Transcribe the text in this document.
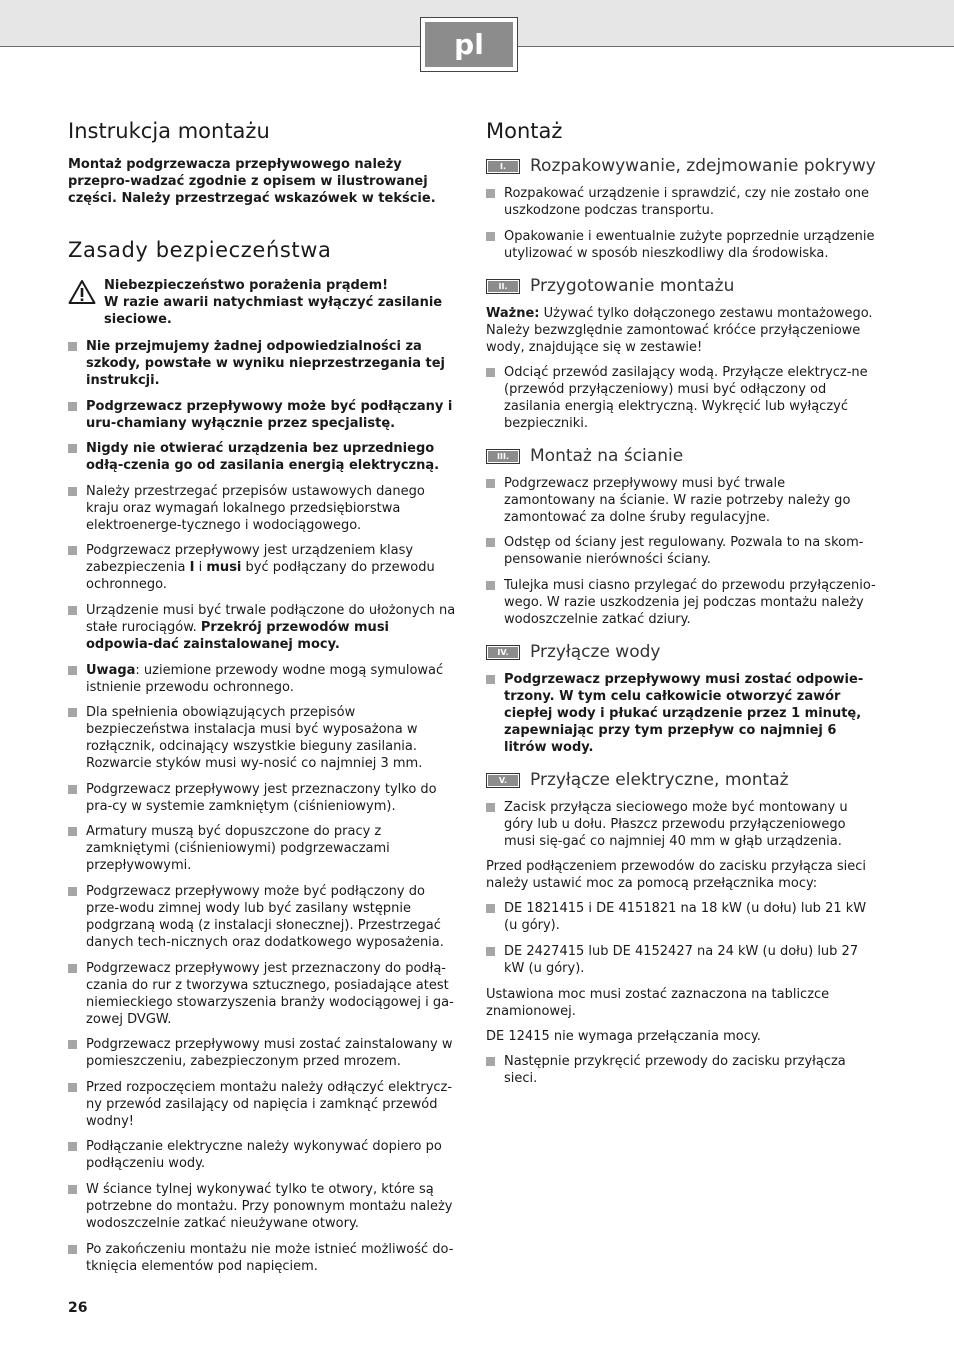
pl
Instrukcja montażu

Montaż podgrzewacza przepływowego należy przepro-wadzać zgodnie z opisem w ilustrowanej części. Należy przestrzegać wskazówek w tekście.

Zasady bezpieczeństwa
Niebezpieczeństwo porażenia prądem!
W razie awarii natychmiast wyłączyć zasilanie sieciowe.
Nie przejmujemy żadnej odpowiedzialności za szkody, powstałe w wyniku nieprzestrzegania tej instrukcji.
Podgrzewacz przepływowy może być podłączany i uru-chamiany wyłącznie przez specjalistę.
Nigdy nie otwierać urządzenia bez uprzedniego odłą-czenia go od zasilania energią elektryczną.
Należy przestrzegać przepisów ustawowych danego kraju oraz wymagań lokalnego przedsiębiorstwa elektroenerge-tycznego i wodociągowego.
Podgrzewacz przepływowy jest urządzeniem klasy zabezpieczenia I i musi być podłączany do przewodu ochronnego.
Urządzenie musi być trwale podłączone do ułożonych na stałe rurociągów. Przekrój przewodów musi odpowia-dać zainstalowanej mocy.
Uwaga: uziemione przewody wodne mogą symulować istnienie przewodu ochronnego.
Dla spełnienia obowiązujących przepisów bezpieczeństwa instalacja musi być wyposażona w rozłącznik, odcinający wszystkie bieguny zasilania. Rozwarcie styków musi wy-nosić co najmniej 3 mm.
Podgrzewacz przepływowy jest przeznaczony tylko do pra-cy w systemie zamkniętym (ciśnieniowym).
Armatury muszą być dopuszczone do pracy z zamkniętymi (ciśnieniowymi) podgrzewaczami przepływowymi.
Podgrzewacz przepływowy może być podłączony do prze-wodu zimnej wody lub być zasilany wstępnie podgrzaną wodą (z instalacji słonecznej). Przestrzegać danych tech-nicznych oraz dodatkowego wyposażenia.
Podgrzewacz przepływowy jest przeznaczony do podłą-czania do rur z tworzywa sztucznego, posiadające atest niemieckiego stowarzyszenia branży wodociągowej i ga-zowej DVGW.
Podgrzewacz przepływowy musi zostać zainstalowany w pomieszczeniu, zabezpieczonym przed mrozem.
Przed rozpoczęciem montażu należy odłączyć elektrycz-ny przewód zasilający od napięcia i zamknąć przewód wodny!
Podłączanie elektryczne należy wykonywać dopiero po podłączeniu wody.
W ściance tylnej wykonywać tylko te otwory, które są potrzebne do montażu. Przy ponownym montażu należy wodoszczelnie zatkać nieużywane otwory.
Po zakończeniu montażu nie może istnieć możliwość do-tknięcia elementów pod napięciem.
Montaż
I.	Rozpakowywanie, zdejmowanie pokrywy
Rozpakować urządzenie i sprawdzić, czy nie zostało one uszkodzone podczas transportu.
Opakowanie i ewentualnie zużyte poprzednie urządzenie utylizować w sposób nieszkodliwy dla środowiska.
II.	Przygotowanie montażu

Ważne: Używać tylko dołączonego zestawu montażowego. Należy bezwzględnie zamontować króćce przyłączeniowe wody, znajdujące się w zestawie!

Odciąć przewód zasilający wodą. Przyłącze elektrycz-ne (przewód przyłączeniowy) musi być odłączony od zasilania energią elektryczną. Wykręcić lub wyłączyć bezpieczniki.
III.	Montaż na ścianie
Podgrzewacz przepływowy musi być trwale zamontowany na ścianie. W razie potrzeby należy go zamontować za dolne śruby regulacyjne.
Odstęp od ściany jest regulowany. Pozwala to na skom-pensowanie nierówności ściany.
Tulejka musi ciasno przylegać do przewodu przyłączenio-wego. W razie uszkodzenia jej podczas montażu należy wodoszczelnie zatkać dziury.
IV.	Przyłącze wody
Podgrzewacz przepływowy musi zostać odpowie-trzony. W tym celu całkowicie otworzyć zawór ciepłej wody i płukać urządzenie przez 1 minutę, zapewniając przy tym przepływ co najmniej 6 litrów wody.
V.	Przyłącze elektryczne, montaż
Zacisk przyłącza sieciowego może być montowany u góry lub u dołu. Płaszcz przewodu przyłączeniowego musi się-gać co najmniej 40 mm w głąb urządzenia.

Przed podłączeniem przewodów do zacisku przyłącza sieci należy ustawić moc za pomocą przełącznika mocy:

DE 1821415 i DE 4151821 na 18 kW (u dołu) lub 21 kW (u góry).
DE 2427415 lub DE 4152427 na 24 kW (u dołu) lub 27 kW (u góry).

Ustawiona moc musi zostać zaznaczona na tabliczce znamionowej.

DE 12415 nie wymaga przełączania mocy.

Następnie przykręcić przewody do zacisku przyłącza sieci.
26
